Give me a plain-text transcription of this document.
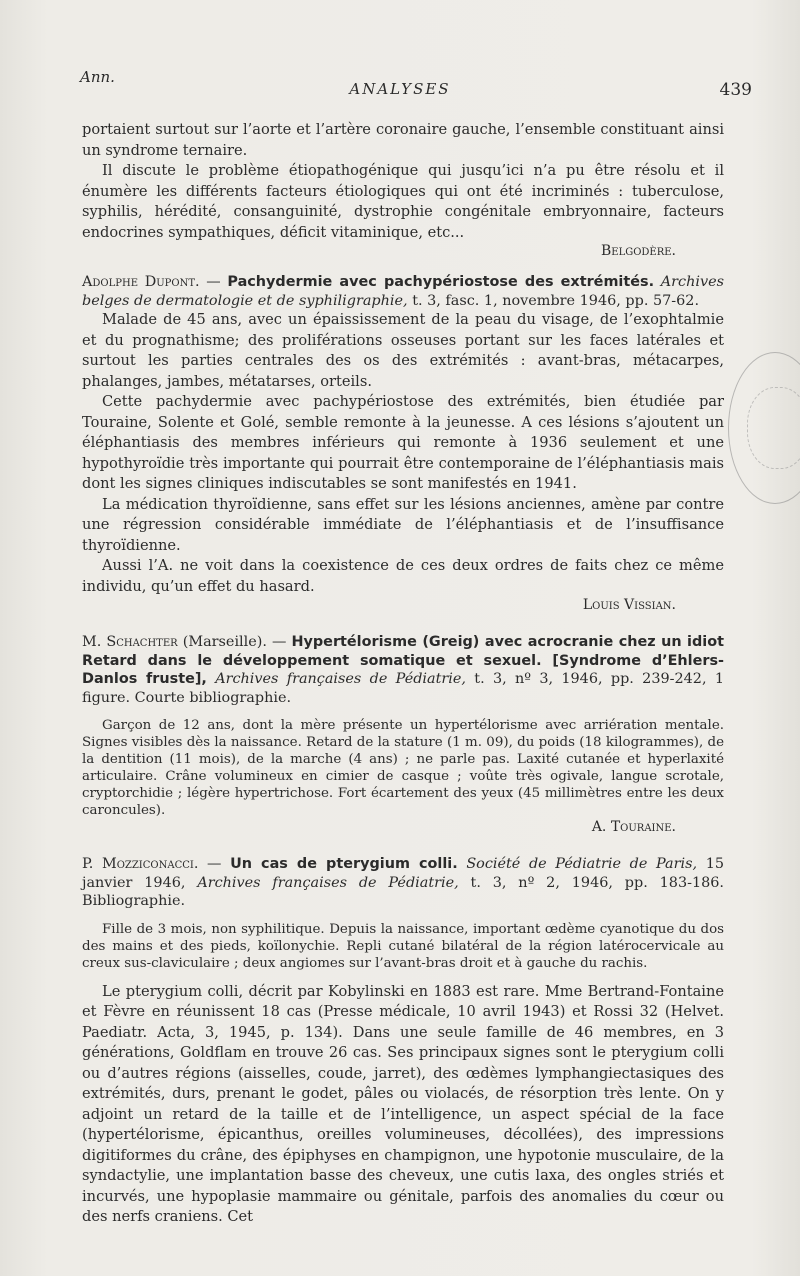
Ann.
ANALYSES	439

portaient surtout sur l’aorte et l’artère coronaire gauche, l’ensemble constituant ainsi un syndrome ternaire.

Il discute le problème étiopathogénique qui jusqu’ici n’a pu être résolu et il énumère les différents facteurs étiologiques qui ont été incriminés : tuberculose, syphilis, hérédité, consanguinité, dystrophie congénitale embryonnaire, facteurs endocrines sympathiques, déficit vitaminique, etc...

Belgodère.

Adolphe Dupont. — Pachydermie avec pachypériostose des extrémités. Archives belges de dermatologie et de syphiligraphie, t. 3, fasc. 1, novembre 1946, pp. 57-62.

Malade de 45 ans, avec un épaississement de la peau du visage, de l’exophtalmie et du prognathisme; des proliférations osseuses portant sur les faces latérales et surtout les parties centrales des os des extrémités : avant-bras, métacarpes, phalanges, jambes, métatarses, orteils.

Cette pachydermie avec pachypériostose des extrémités, bien étudiée par Touraine, Solente et Golé, semble remonte à la jeunesse. A ces lésions s’ajoutent un éléphantiasis des membres inférieurs qui remonte à 1936 seulement et une hypothyroïdie très importante qui pourrait être contemporaine de l’éléphantiasis mais dont les signes cliniques indiscutables se sont manifestés en 1941.

La médication thyroïdienne, sans effet sur les lésions anciennes, amène par contre une régression considérable immédiate de l’éléphantiasis et de l’insuffisance thyroïdienne.

Aussi l’A. ne voit dans la coexistence de ces deux ordres de faits chez ce même individu, qu’un effet du hasard.

Louis Vissian.

M. Schachter (Marseille). — Hypertélorisme (Greig) avec acrocranie chez un idiot Retard dans le développement somatique et sexuel. [Syndrome d’Ehlers-Danlos fruste], Archives françaises de Pédiatrie, t. 3, nº 3, 1946, pp. 239-242, 1 figure. Courte bibliographie.

Garçon de 12 ans, dont la mère présente un hypertélorisme avec arriération mentale. Signes visibles dès la naissance. Retard de la stature (1 m. 09), du poids (18 kilogrammes), de la dentition (11 mois), de la marche (4 ans) ; ne parle pas. Laxité cutanée et hyperlaxité articulaire. Crâne volumineux en cimier de casque ; voûte très ogivale, langue scrotale, cryptorchidie ; légère hypertrichose. Fort écartement des yeux (45 millimètres entre les deux caroncules).

A. Touraine.

P. Mozziconacci. — Un cas de pterygium colli. Société de Pédiatrie de Paris, 15 janvier 1946, Archives françaises de Pédiatrie, t. 3, nº 2, 1946, pp. 183-186. Bibliographie.

Fille de 3 mois, non syphilitique. Depuis la naissance, important œdème cyanotique du dos des mains et des pieds, koïlonychie. Repli cutané bilatéral de la région latérocervicale au creux sus-claviculaire ; deux angiomes sur l’avant-bras droit et à gauche du rachis.

Le pterygium colli, décrit par Kobylinski en 1883 est rare. Mme Bertrand-Fontaine et Fèvre en réunissent 18 cas (Presse médicale, 10 avril 1943) et Rossi 32 (Helvet. Paediatr. Acta, 3, 1945, p. 134). Dans une seule famille de 46 membres, en 3 générations, Goldflam en trouve 26 cas. Ses principaux signes sont le pterygium colli ou d’autres régions (aisselles, coude, jarret), des œdèmes lymphangiectasiques des extrémités, durs, prenant le godet, pâles ou violacés, de résorption très lente. On y adjoint un retard de la taille et de l’intelligence, un aspect spécial de la face (hypertélorisme, épicanthus, oreilles volumineuses, décollées), des impressions digitiformes du crâne, des épiphyses en champignon, une hypotonie musculaire, de la syndactylie, une implantation basse des cheveux, une cutis laxa, des ongles striés et incurvés, une hypoplasie mammaire ou génitale, parfois des anomalies du cœur ou des nerfs craniens. Cet
